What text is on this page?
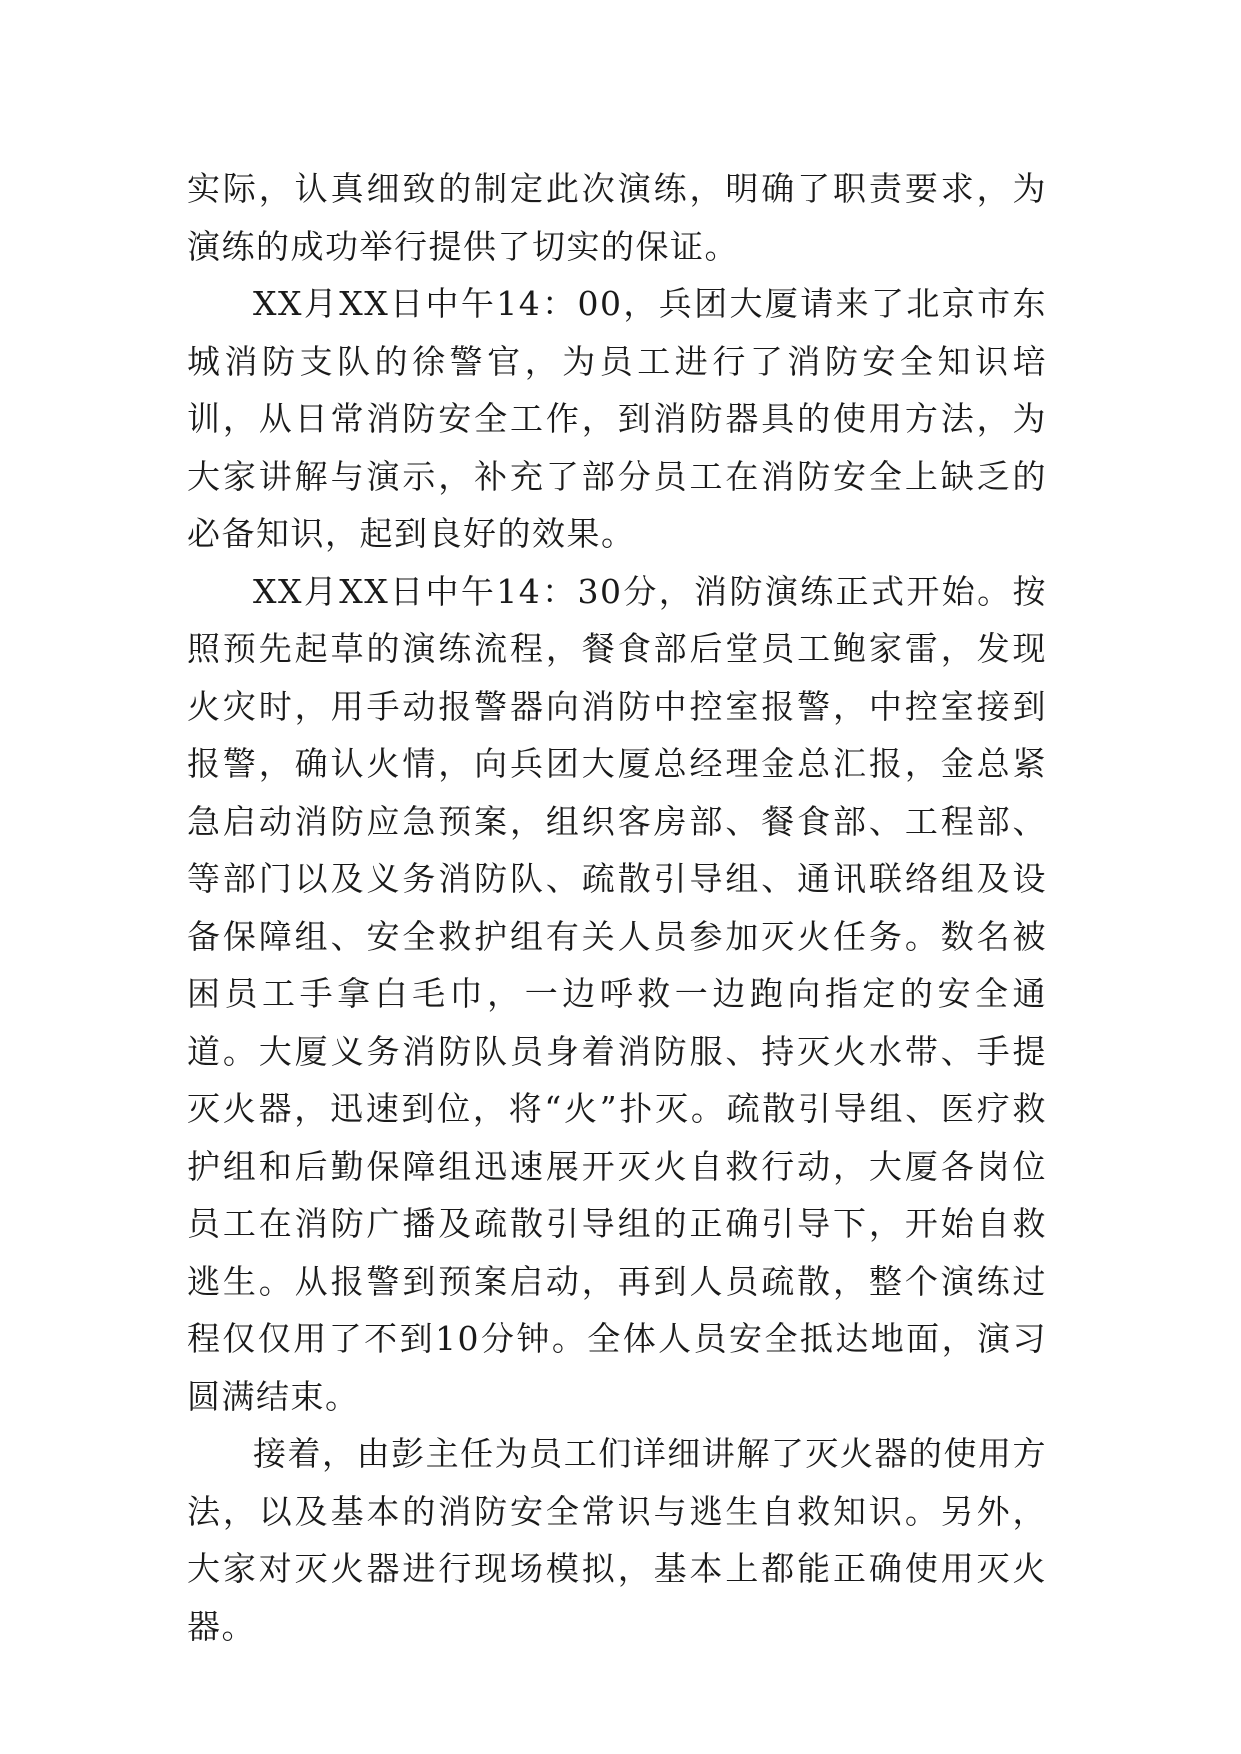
实际，认真细致的制定此次演练，明确了职责要求，为演练的成功举行提供了切实的保证。

XX月XX日中午14：00，兵团大厦请来了北京市东城消防支队的徐警官，为员工进行了消防安全知识培训，从日常消防安全工作，到消防器具的使用方法，为大家讲解与演示，补充了部分员工在消防安全上缺乏的必备知识，起到良好的效果。

XX月XX日中午14：30分，消防演练正式开始。按照预先起草的演练流程，餐食部后堂员工鲍家雷，发现火灾时，用手动报警器向消防中控室报警，中控室接到报警，确认火情，向兵团大厦总经理金总汇报，金总紧急启动消防应急预案，组织客房部、餐食部、工程部、等部门以及义务消防队、疏散引导组、通讯联络组及设备保障组、安全救护组有关人员参加灭火任务。数名被困员工手拿白毛巾，一边呼救一边跑向指定的安全通道。大厦义务消防队员身着消防服、持灭火水带、手提灭火器，迅速到位，将“火”扑灭。疏散引导组、医疗救护组和后勤保障组迅速展开灭火自救行动，大厦各岗位员工在消防广播及疏散引导组的正确引导下，开始自救逃生。从报警到预案启动，再到人员疏散，整个演练过程仅仅用了不到10分钟。全体人员安全抵达地面，演习圆满结束。

接着，由彭主任为员工们详细讲解了灭火器的使用方法，以及基本的消防安全常识与逃生自救知识。另外，大家对灭火器进行现场模拟，基本上都能正确使用灭火器。
